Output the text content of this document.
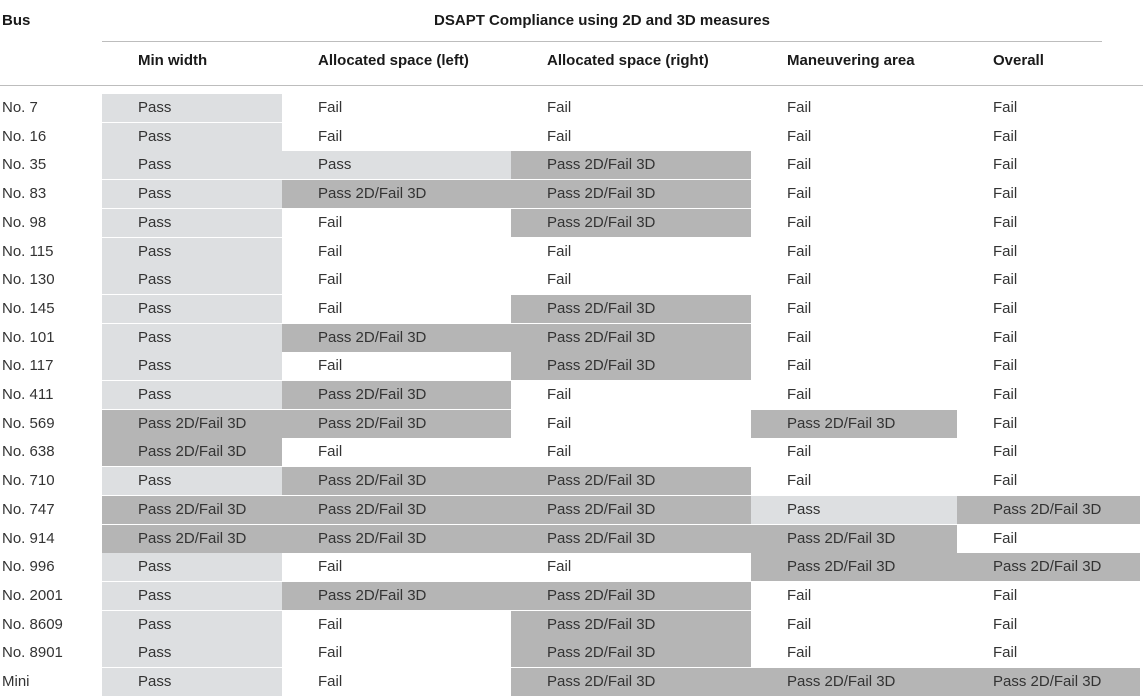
Bus	DSAPT Compliance using 2D and 3D measures
Min width	Allocated space (left)	Allocated space (right)	Maneuvering area	Overall
No. 7	Pass	Fail	Fail	Fail	Fail
No. 16	Pass	Fail	Fail	Fail	Fail
No. 35	Pass	Pass	Pass 2D/Fail 3D	Fail	Fail
No. 83	Pass	Pass 2D/Fail 3D	Pass 2D/Fail 3D	Fail	Fail
No. 98	Pass	Fail	Pass 2D/Fail 3D	Fail	Fail
No. 115	Pass	Fail	Fail	Fail	Fail
No. 130	Pass	Fail	Fail	Fail	Fail
No. 145	Pass	Fail	Pass 2D/Fail 3D	Fail	Fail
No. 101	Pass	Pass 2D/Fail 3D	Pass 2D/Fail 3D	Fail	Fail
No. 117	Pass	Fail	Pass 2D/Fail 3D	Fail	Fail
No. 411	Pass	Pass 2D/Fail 3D	Fail	Fail	Fail
No. 569	Pass 2D/Fail 3D	Pass 2D/Fail 3D	Fail	Pass 2D/Fail 3D	Fail
No. 638	Pass 2D/Fail 3D	Fail	Fail	Fail	Fail
No. 710	Pass	Pass 2D/Fail 3D	Pass 2D/Fail 3D	Fail	Fail
No. 747	Pass 2D/Fail 3D	Pass 2D/Fail 3D	Pass 2D/Fail 3D	Pass	Pass 2D/Fail 3D
No. 914	Pass 2D/Fail 3D	Pass 2D/Fail 3D	Pass 2D/Fail 3D	Pass 2D/Fail 3D	Fail
No. 996	Pass	Fail	Fail	Pass 2D/Fail 3D	Pass 2D/Fail 3D
No. 2001	Pass	Pass 2D/Fail 3D	Pass 2D/Fail 3D	Fail	Fail
No. 8609	Pass	Fail	Pass 2D/Fail 3D	Fail	Fail
No. 8901	Pass	Fail	Pass 2D/Fail 3D	Fail	Fail
Mini	Pass	Fail	Pass 2D/Fail 3D	Pass 2D/Fail 3D	Pass 2D/Fail 3D
